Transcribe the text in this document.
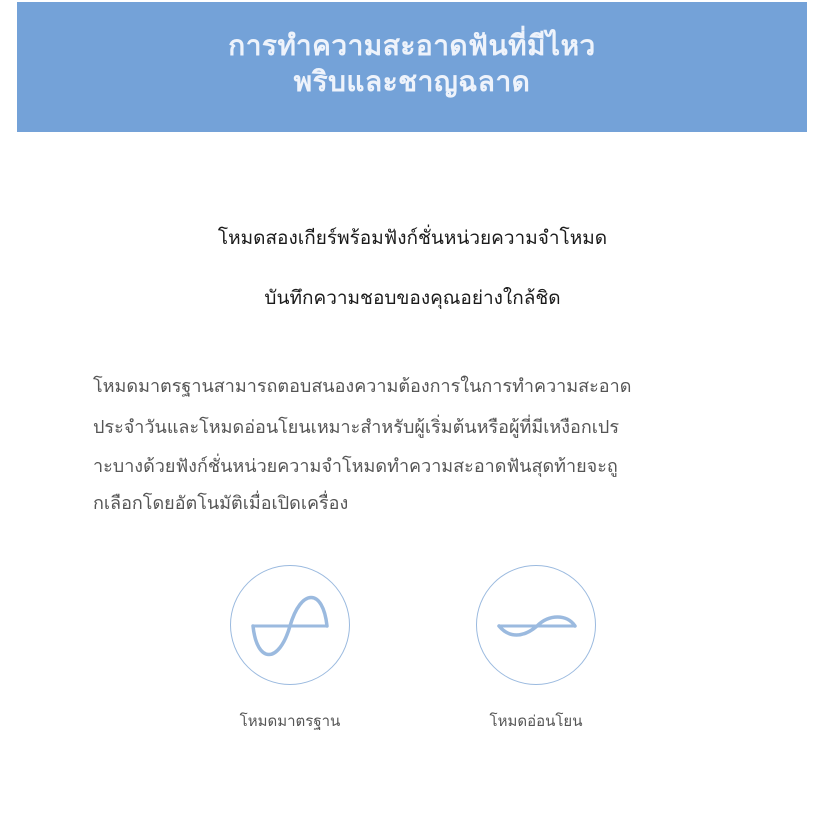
การทำความสะอาดฟันที่มีไหว
พริบและชาญฉลาด
โหมดสองเกียร์พร้อมฟังก์ชั่นหน่วยความจำโหมด
บันทึกความชอบของคุณอย่างใกล้ชิด
โหมดมาตรฐานสามารถตอบสนองความต้องการในการทำความสะอาด
ประจำวันและโหมดอ่อนโยนเหมาะสำหรับผู้เริ่มต้นหรือผู้ที่มีเหงือกเปร
าะบางด้วยฟังก์ชั่นหน่วยความจำโหมดทำความสะอาดฟันสุดท้ายจะถู
กเลือกโดยอัตโนมัติเมื่อเปิดเครื่อง
โหมดมาตรฐาน	โหมดอ่อนโยน
